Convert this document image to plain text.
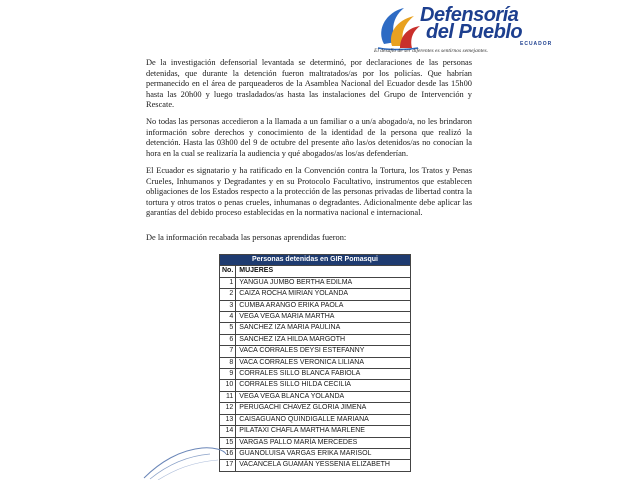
Defensoría
del Pueblo
ECUADOR
El desafío de ser diferentes es sentirnos semejantes.

De la investigación defensorial levantada se determinó, por declaraciones de las personas detenidas, que durante la detención fueron maltratados/as por los policías. Que habrían permanecido en el área de parqueaderos de la Asamblea Nacional del Ecuador desde las 15h00 hasta las 20h00 y luego trasladados/as hasta las instalaciones del Grupo de Intervención y Rescate.

No todas las personas accedieron a la llamada a un familiar o a un/a abogado/a, no les brindaron información sobre derechos y conocimiento de la identidad de la persona que realizó la detención. Hasta las 03h00 del 9 de octubre del presente año las/os detenidos/as no conocían la hora en la cual se realizaría la audiencia y qué abogados/as los/as defenderían.

El Ecuador es signatario y ha ratificado en la Convención contra la Tortura, los Tratos y Penas Crueles, Inhumanos y Degradantes y en su Protocolo Facultativo, instrumentos que establecen obligaciones de los Estados respecto a la protección de las personas privadas de libertad contra la tortura y otros tratos o penas crueles, inhumanas o degradantes. Adicionalmente debe aplicar las garantías del debido proceso establecidas en la normativa nacional e internacional.

De la información recabada las personas aprendidas fueron:

Personas detenidas en GIR Pomasqui	
No.	MUJERES
1	YANGUA JUMBO BERTHA EDILMA
2	CAIZA ROCHA MIRIAN YOLANDA
3	CUMBA ARANGO ERIKA PAOLA
4	VEGA VEGA MARIA MARTHA
5	SANCHEZ IZA MARIA PAULINA
6	SANCHEZ IZA HILDA MARGOTH
7	VACA CORRALES DEYSI ESTEFANNY
8	VACA CORRALES VERONICA LILIANA
9	CORRALES SILLO BLANCA FABIOLA
10	CORRALES SILLO HILDA CECILIA
11	VEGA VEGA BLANCA YOLANDA
12	PERUGACHI CHAVEZ GLORIA JIMENA
13	CAISAGUANO QUINDIGALLE MARIANA
14	PILATAXI CHAFLA MARTHA MARLENE
15	VARGAS PALLO MARÍA MERCEDES
16	GUANOLUISA VARGAS ERIKA MARISOL
17	VACANCELA GUAMÁN YESSENIA ELIZABETH
